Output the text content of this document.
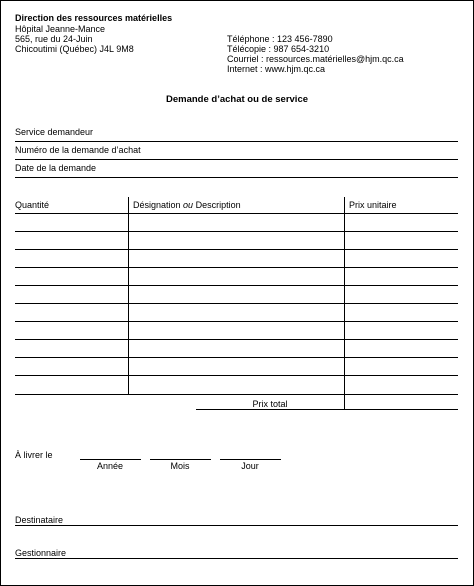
Direction des ressources matérielles
Hôpital Jeanne-Mance
565, rue du 24-Juin
Chicoutimi (Québec) J4L 9M8
Téléphone : 123 456-7890
Télécopie : 987 654-3210
Courriel : ressources.matérielles@hjm.qc.ca
Internet : www.hjm.qc.ca
Demande d’achat ou de service
Service demandeur
Numéro de la demande d’achat
Date de la demande
Quantité	Désignation ou Description	Prix unitaire
Prix total
À livrer le
Année	Mois	Jour
Destinataire
Gestionnaire
